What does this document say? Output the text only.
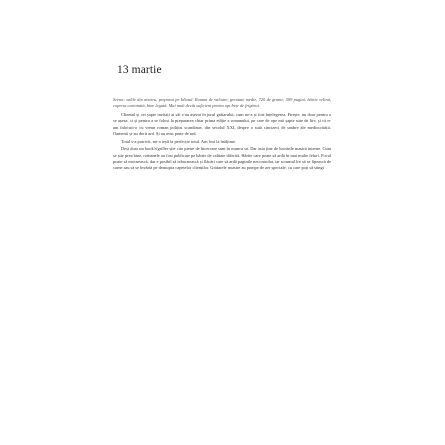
13 martie

Scena: salile din nisetru, preparat pe Idiotul. Roman de valoare, greutate medie, 720 de grame, 509 pagini, hârtie velină, coperta cartonată, bine legată. Mai mult decât suficient pentru opt bețe de frigărui.

Clientul și cei șapte invitați ai săi s-au așezat în jurul grătarului, cum ne-a și fost înțelegerea. Firește, nu doar pentru a se așeza, ci și pentru a se folosi la prepararea chiar prima ediție a romanului, pe care de ope mii șapte sute de lire, și că n-am înlocuit-o cu vreun roman polițist scandinav, din secolul XXI, despre o sută cincizeci de umbre ale mediocrității. Oamenii și-au dorit ard. Și au avut parte de ard.

Totul s-a potrivit, mi-a ieșit la perfecție totul. Am fost la înălțime.

Deși doar un book'n'griller știe cite pietre de încercare sunt în munca sa. Dar asta ține de lucrările mastră interne. Cum se știe prea bine, romanele au fost publicate pe hârtie de calitate diferită. Hârtie care poate să ardă în mai multe feluri. Focul poate să mocnească, dar e posibil să izbucnească și flăcări care să ardă paginile necontrolat, iar scrumul lor să se lipească de carne sau să se învârtă pe deasupra capetelor clienților. Grătarele noastre au pompe de aer speciale, cu care poți să stingi
